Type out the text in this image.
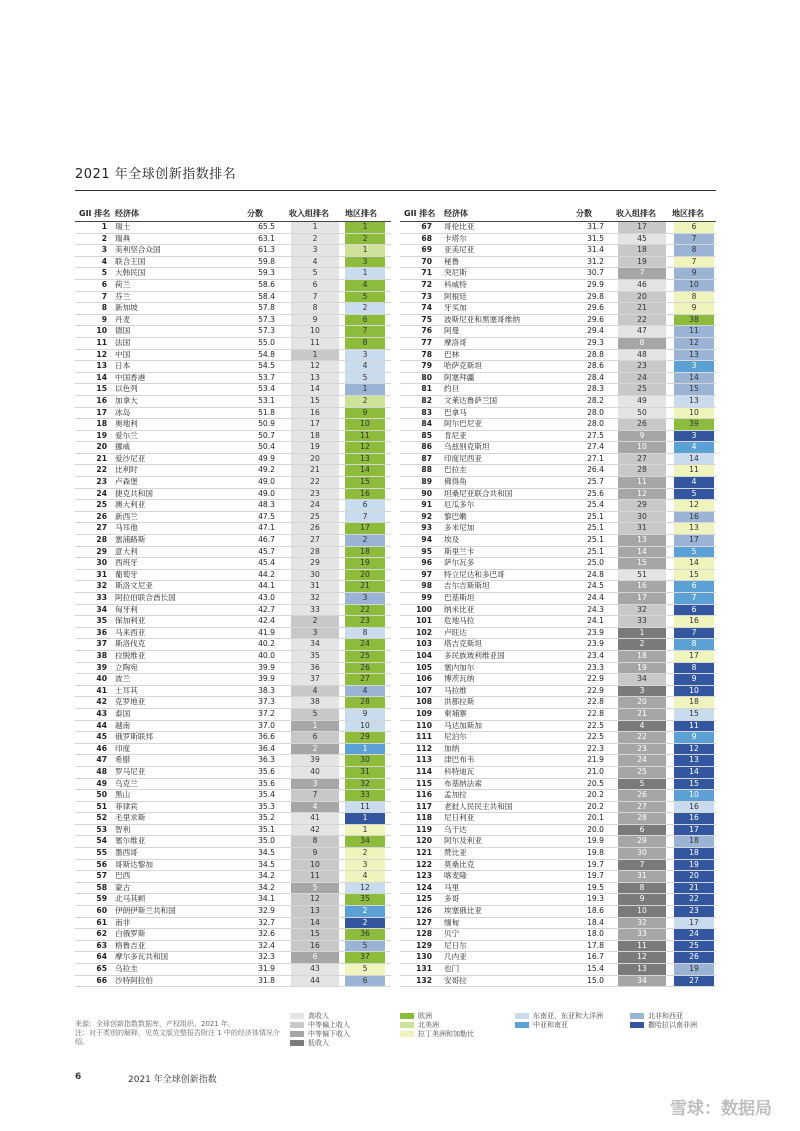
2021 年全球创新指数排名
GII 排名 经济体	分数	收入组排名 地区排名
1 瑞士	65.5	1	1
2 瑞典	63.1	2	2
3 美利坚合众国	61.3	3	1
4 联合王国	59.8	4	3
5 大韩民国	59.3	5	1
6 荷兰	58.6	6	4
7 芬兰	58.4	7	5
8 新加坡	57.8	8	2
9 丹麦	57.3	9	6
10 德国	57.3	10	7
11 法国	55.0	11	8
12 中国	54.8	1	3
13 日本	54.5	12	4
14 中国香港	53.7	13	5
15 以色列	53.4	14	1
16 加拿大	53.1	15	2
17 冰岛	51.8	16	9
18 奥地利	50.9	17	10
19 爱尔兰	50.7	18	11
20 挪威	50.4	19	12
21 爱沙尼亚	49.9	20	13
22 比利时	49.2	21	14
23 卢森堡	49.0	22	15
24 捷克共和国	49.0	23	16
25 澳大利亚	48.3	24	6
26 新西兰	47.5	25	7
27 马耳他	47.1	26	17
28 塞浦路斯	46.7	27	2
29 意大利	45.7	28	18
30 西班牙	45.4	29	19
31 葡萄牙	44.2	30	20
32 斯洛文尼亚	44.1	31	21
33 阿拉伯联合酋长国	43.0	32	3
34 匈牙利	42.7	33	22
35 保加利亚	42.4	2	23
36 马来西亚	41.9	3	8
37 斯洛伐克	40.2	34	24
38 拉脱维亚	40.0	35	25
39 立陶宛	39.9	36	26
40 波兰	39.9	37	27
41 土耳其	38.3	4	4
42 克罗地亚	37.3	38	28
43 泰国	37.2	5	9
44 越南	37.0	1	10
45 俄罗斯联邦	36.6	6	29
46 印度	36.4	2	1
47 希腊	36.3	39	30
48 罗马尼亚	35.6	40	31
49 乌克兰	35.6	3	32
50 黑山	35.4	7	33
51 菲律宾	35.3	4	11
52 毛里求斯	35.2	41	1
53 智利	35.1	42	1
54 塞尔维亚	35.0	8	34
55 墨西哥	34.5	9	2
56 哥斯达黎加	34.5	10	3
57 巴西	34.2	11	4
58 蒙古	34.2	5	12
59 北马其顿	34.1	12	35
60 伊朗伊斯兰共和国	32.9	13	2
61 南非	32.7	14	2
62 白俄罗斯	32.6	15	36
63 格鲁吉亚	32.4	16	5
64 摩尔多瓦共和国	32.3	6	37
65 乌拉圭	31.9	43	5
66 沙特阿拉伯	31.8	44	6
GII 排名 经济体	分数	收入组排名 地区排名
67 哥伦比亚	31.7	17	6
68 卡塔尔	31.5	45	7
69 亚美尼亚	31.4	18	8
70 秘鲁	31.2	19	7
71 突尼斯	30.7	7	9
72 科威特	29.9	46	10
73 阿根廷	29.8	20	8
74 牙买加	29.6	21	9
75 波斯尼亚和黑塞哥维纳	29.6	22	38
76 阿曼	29.4	47	11
77 摩洛哥	29.3	8	12
78 巴林	28.8	48	13
79 哈萨克斯坦	28.6	23	3
80 阿塞拜疆	28.4	24	14
81 约旦	28.3	25	15
82 文莱达鲁萨兰国	28.2	49	13
83 巴拿马	28.0	50	10
84 阿尔巴尼亚	28.0	26	39
85 肯尼亚	27.5	9	3
86 乌兹别克斯坦	27.4	10	4
87 印度尼西亚	27.1	27	14
88 巴拉圭	26.4	28	11
89 佛得角	25.7	11	4
90 坦桑尼亚联合共和国	25.6	12	5
91 厄瓜多尔	25.4	29	12
92 黎巴嫩	25.1	30	16
93 多米尼加	25.1	31	13
94 埃及	25.1	13	17
95 斯里兰卡	25.1	14	5
96 萨尔瓦多	25.0	15	14
97 特立尼达和多巴哥	24.8	51	15
98 吉尔吉斯斯坦	24.5	16	6
99 巴基斯坦	24.4	17	7
100 纳米比亚	24.3	32	6
101 危地马拉	24.1	33	16
102 卢旺达	23.9	1	7
103 塔吉克斯坦	23.9	2	8
104 多民族玻利维亚国	23.4	18	17
105 塞内加尔	23.3	19	8
106 博茨瓦纳	22.9	34	9
107 马拉维	22.9	3	10
108 洪都拉斯	22.8	20	18
109 柬埔寨	22.8	21	15
110 马达加斯加	22.5	4	11
111 尼泊尔	22.5	22	9
112 加纳	22.3	23	12
113 津巴布韦	21.9	24	13
114 科特迪瓦	21.0	25	14
115 布基纳法索	20.5	5	15
116 孟加拉	20.2	26	10
117 老挝人民民主共和国	20.2	27	16
118 尼日利亚	20.1	28	16
119 乌干达	20.0	6	17
120 阿尔及利亚	19.9	29	18
121 赞比亚	19.8	30	18
122 莫桑比克	19.7	7	19
123 喀麦隆	19.7	31	20
124 马里	19.5	8	21
125 多哥	19.3	9	22
126 埃塞俄比亚	18.6	10	23
127 缅甸	18.4	32	17
128 贝宁	18.0	33	24
129 尼日尔	17.8	11	25
130 几内亚	16.7	12	26
131 也门	15.4	13	19
132 安哥拉	15.0	34	27
来源：全球创新指数数据库，产权组织，2021 年。
注：对于类别的解释，见英文版完整报告附注 1 中的经济体情况介绍。
高收入
中等偏上收入
中等偏下收入
低收入
欧洲
北美洲
拉丁美洲和加勒比
东南亚、东亚和大洋洲
中亚和南亚
北非和西亚
撒哈拉以南非洲
6	2021 年全球创新指数
雪球：数据局
